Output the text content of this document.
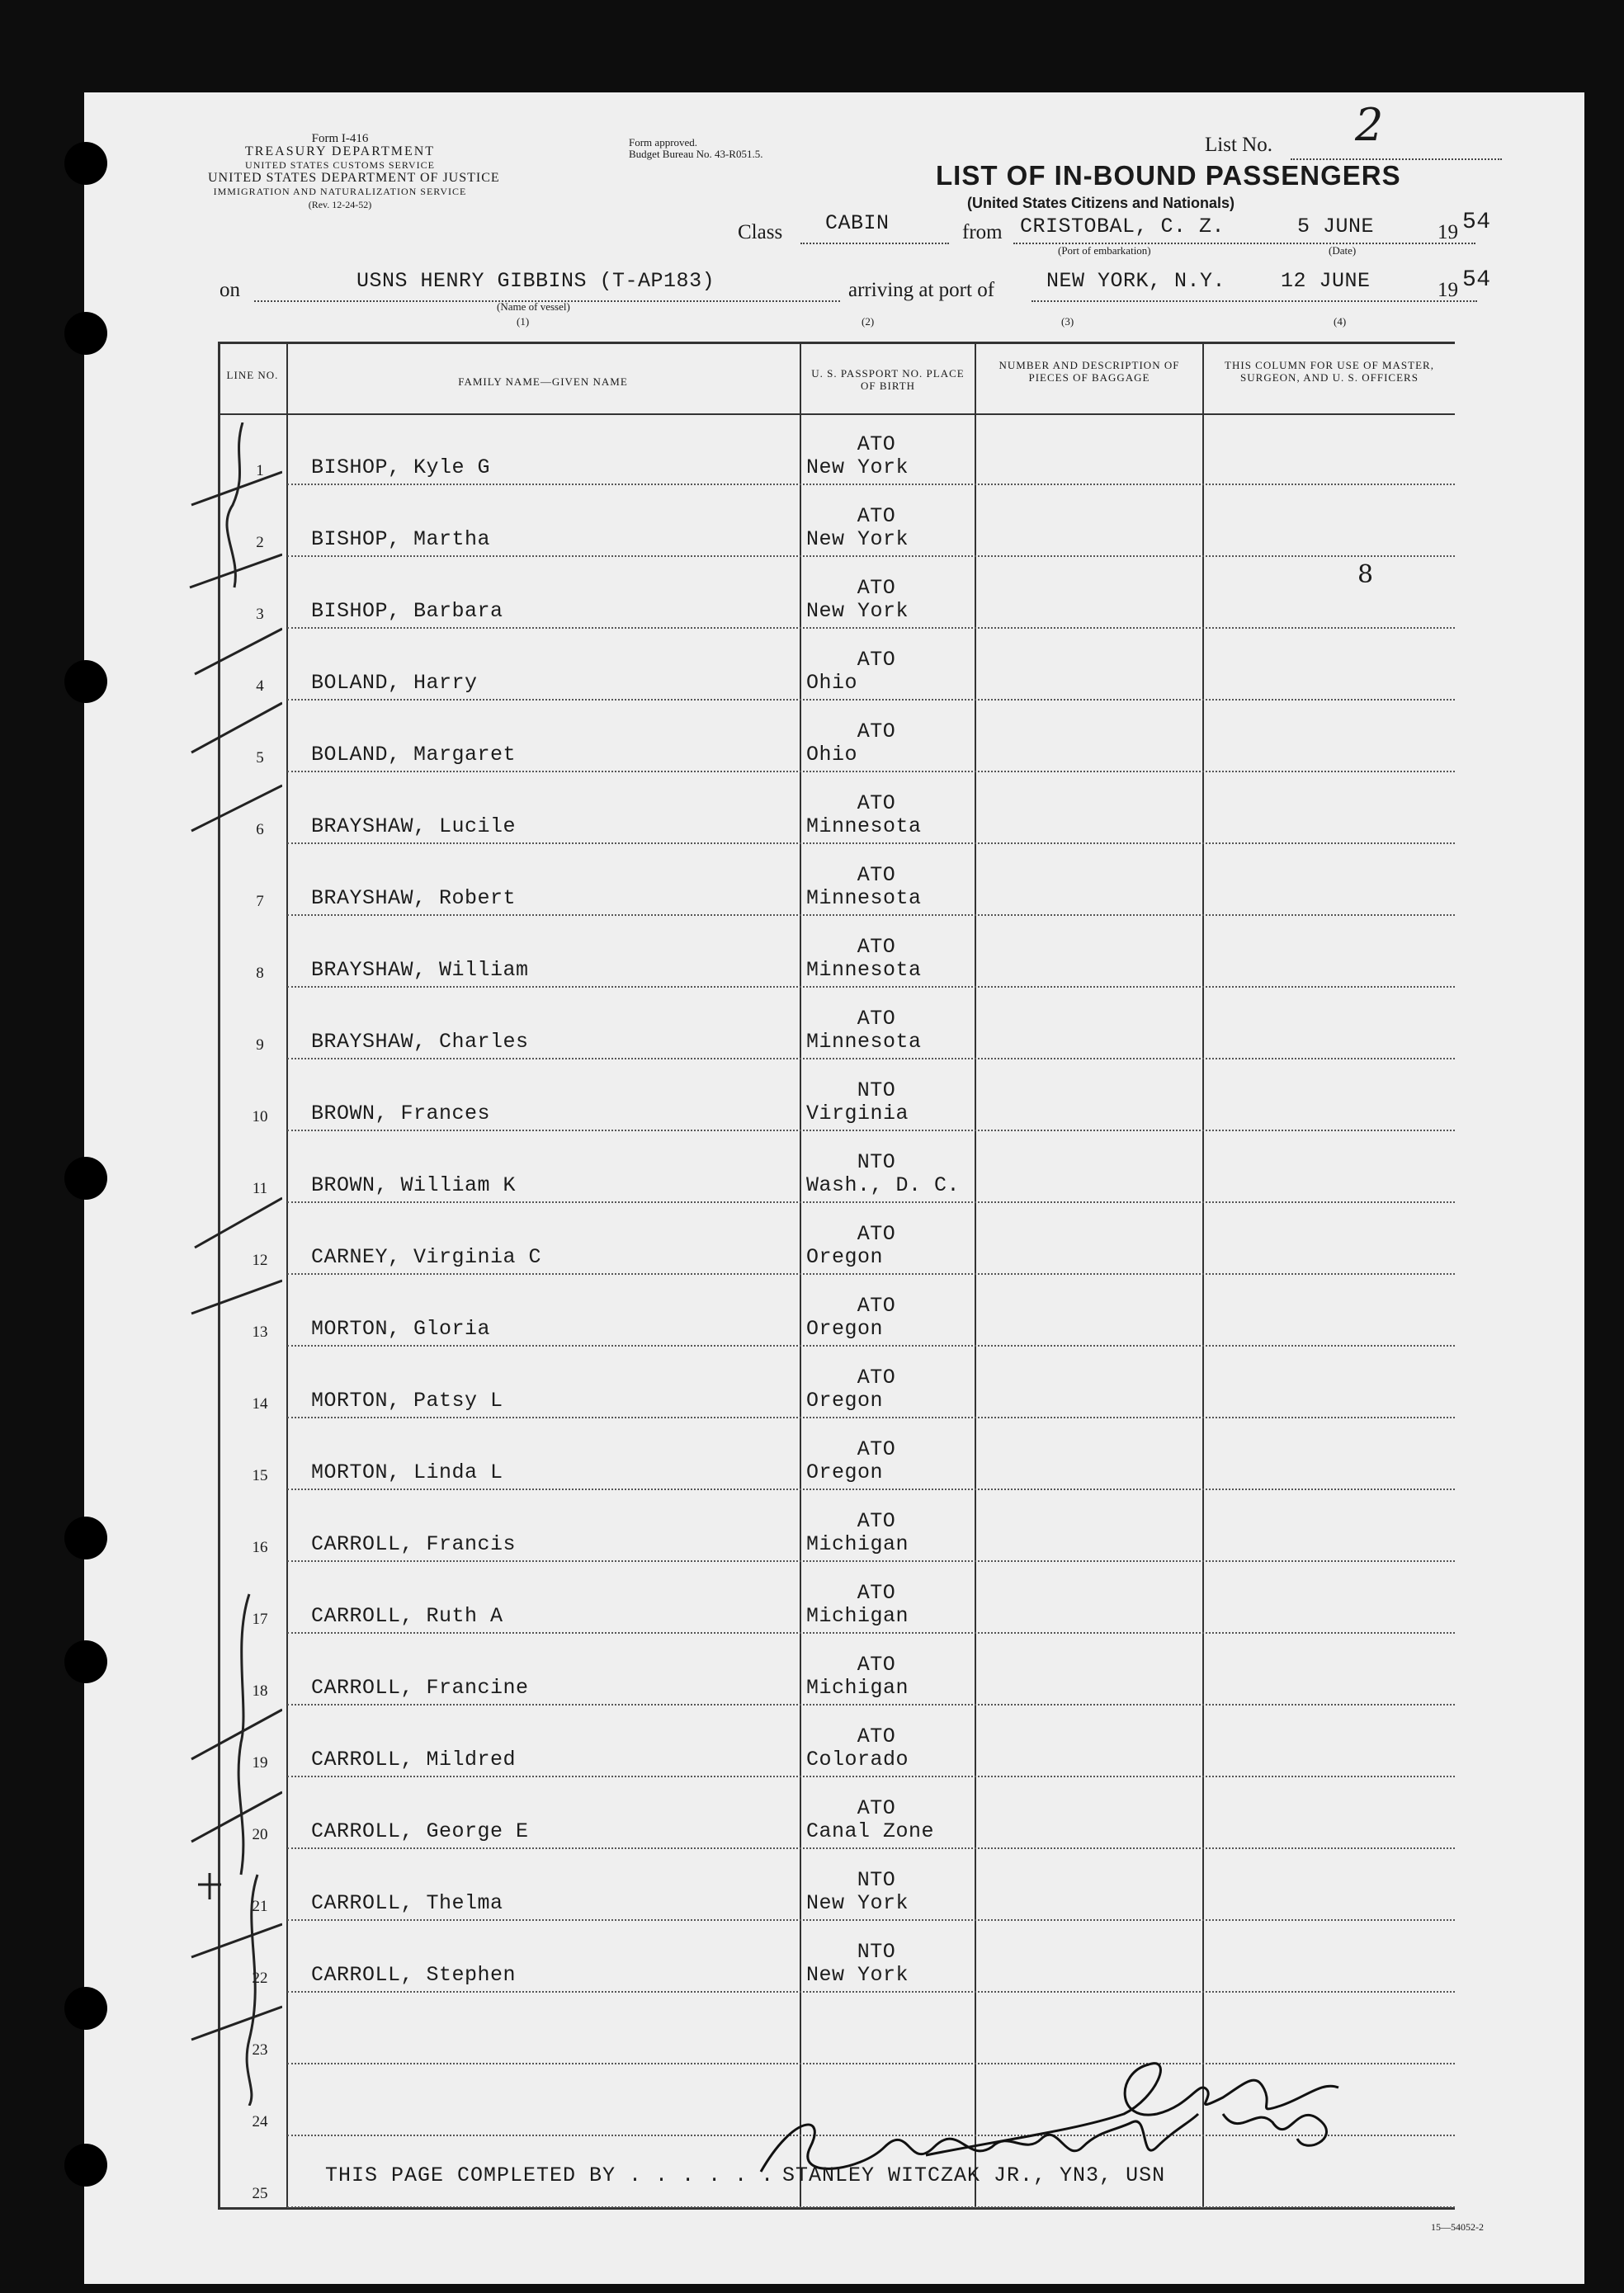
Form I-416
TREASURY DEPARTMENT
UNITED STATES CUSTOMS SERVICE
UNITED STATES DEPARTMENT OF JUSTICE
IMMIGRATION AND NATURALIZATION SERVICE
(Rev. 12-24-52)
Form approved.
Budget Bureau No. 43-R051.5.	List No. 2
LIST OF IN-BOUND PASSENGERS
(United States Citizens and Nationals)
Class CABIN	from CRISTOBAL, C. Z.
(Port of embarkation)
5 JUNE
(Date)
19 54
on	USNS HENRY GIBBINS (T-AP183)
(Name of vessel)
(1)
arriving at port of	NEW YORK, N.Y.	12 JUNE	19 54
(2)	(3)	(4)
LINE NO.
FAMILY NAME—GIVEN NAME
U. S. PASSPORT NO. PLACE OF BIRTH
NUMBER AND DESCRIPTION OF PIECES OF BAGGAGE
THIS COLUMN FOR USE OF MASTER, SURGEON, AND U. S. OFFICERS
1	BISHOP, Kyle G
ATO
New York
2	BISHOP, Martha
ATO
New York
3	BISHOP, Barbara
ATO
New York
4	BOLAND, Harry
ATO
Ohio
5	BOLAND, Margaret
ATO
Ohio
6	BRAYSHAW, Lucile
ATO
Minnesota
7	BRAYSHAW, Robert
ATO
Minnesota
8	BRAYSHAW, William
ATO
Minnesota
9	BRAYSHAW, Charles
ATO
Minnesota
10	BROWN, Frances
NTO
Virginia
11	BROWN, William K
NTO
Wash., D. C.
12	CARNEY, Virginia C
ATO
Oregon
13	MORTON, Gloria
ATO
Oregon
14	MORTON, Patsy L
ATO
Oregon
15	MORTON, Linda L
ATO
Oregon
16	CARROLL, Francis
ATO
Michigan
17	CARROLL, Ruth A
ATO
Michigan
18	CARROLL, Francine
ATO
Michigan
19	CARROLL, Mildred
ATO
Colorado
20	CARROLL, George E
ATO
Canal Zone
21	CARROLL, Thelma
NTO
New York
22	CARROLL, Stephen
NTO
New York
23
24
25
8
THIS PAGE COMPLETED BY . . . . . . STANLEY WITCZAK JR., YN3, USN
15—54052-2
